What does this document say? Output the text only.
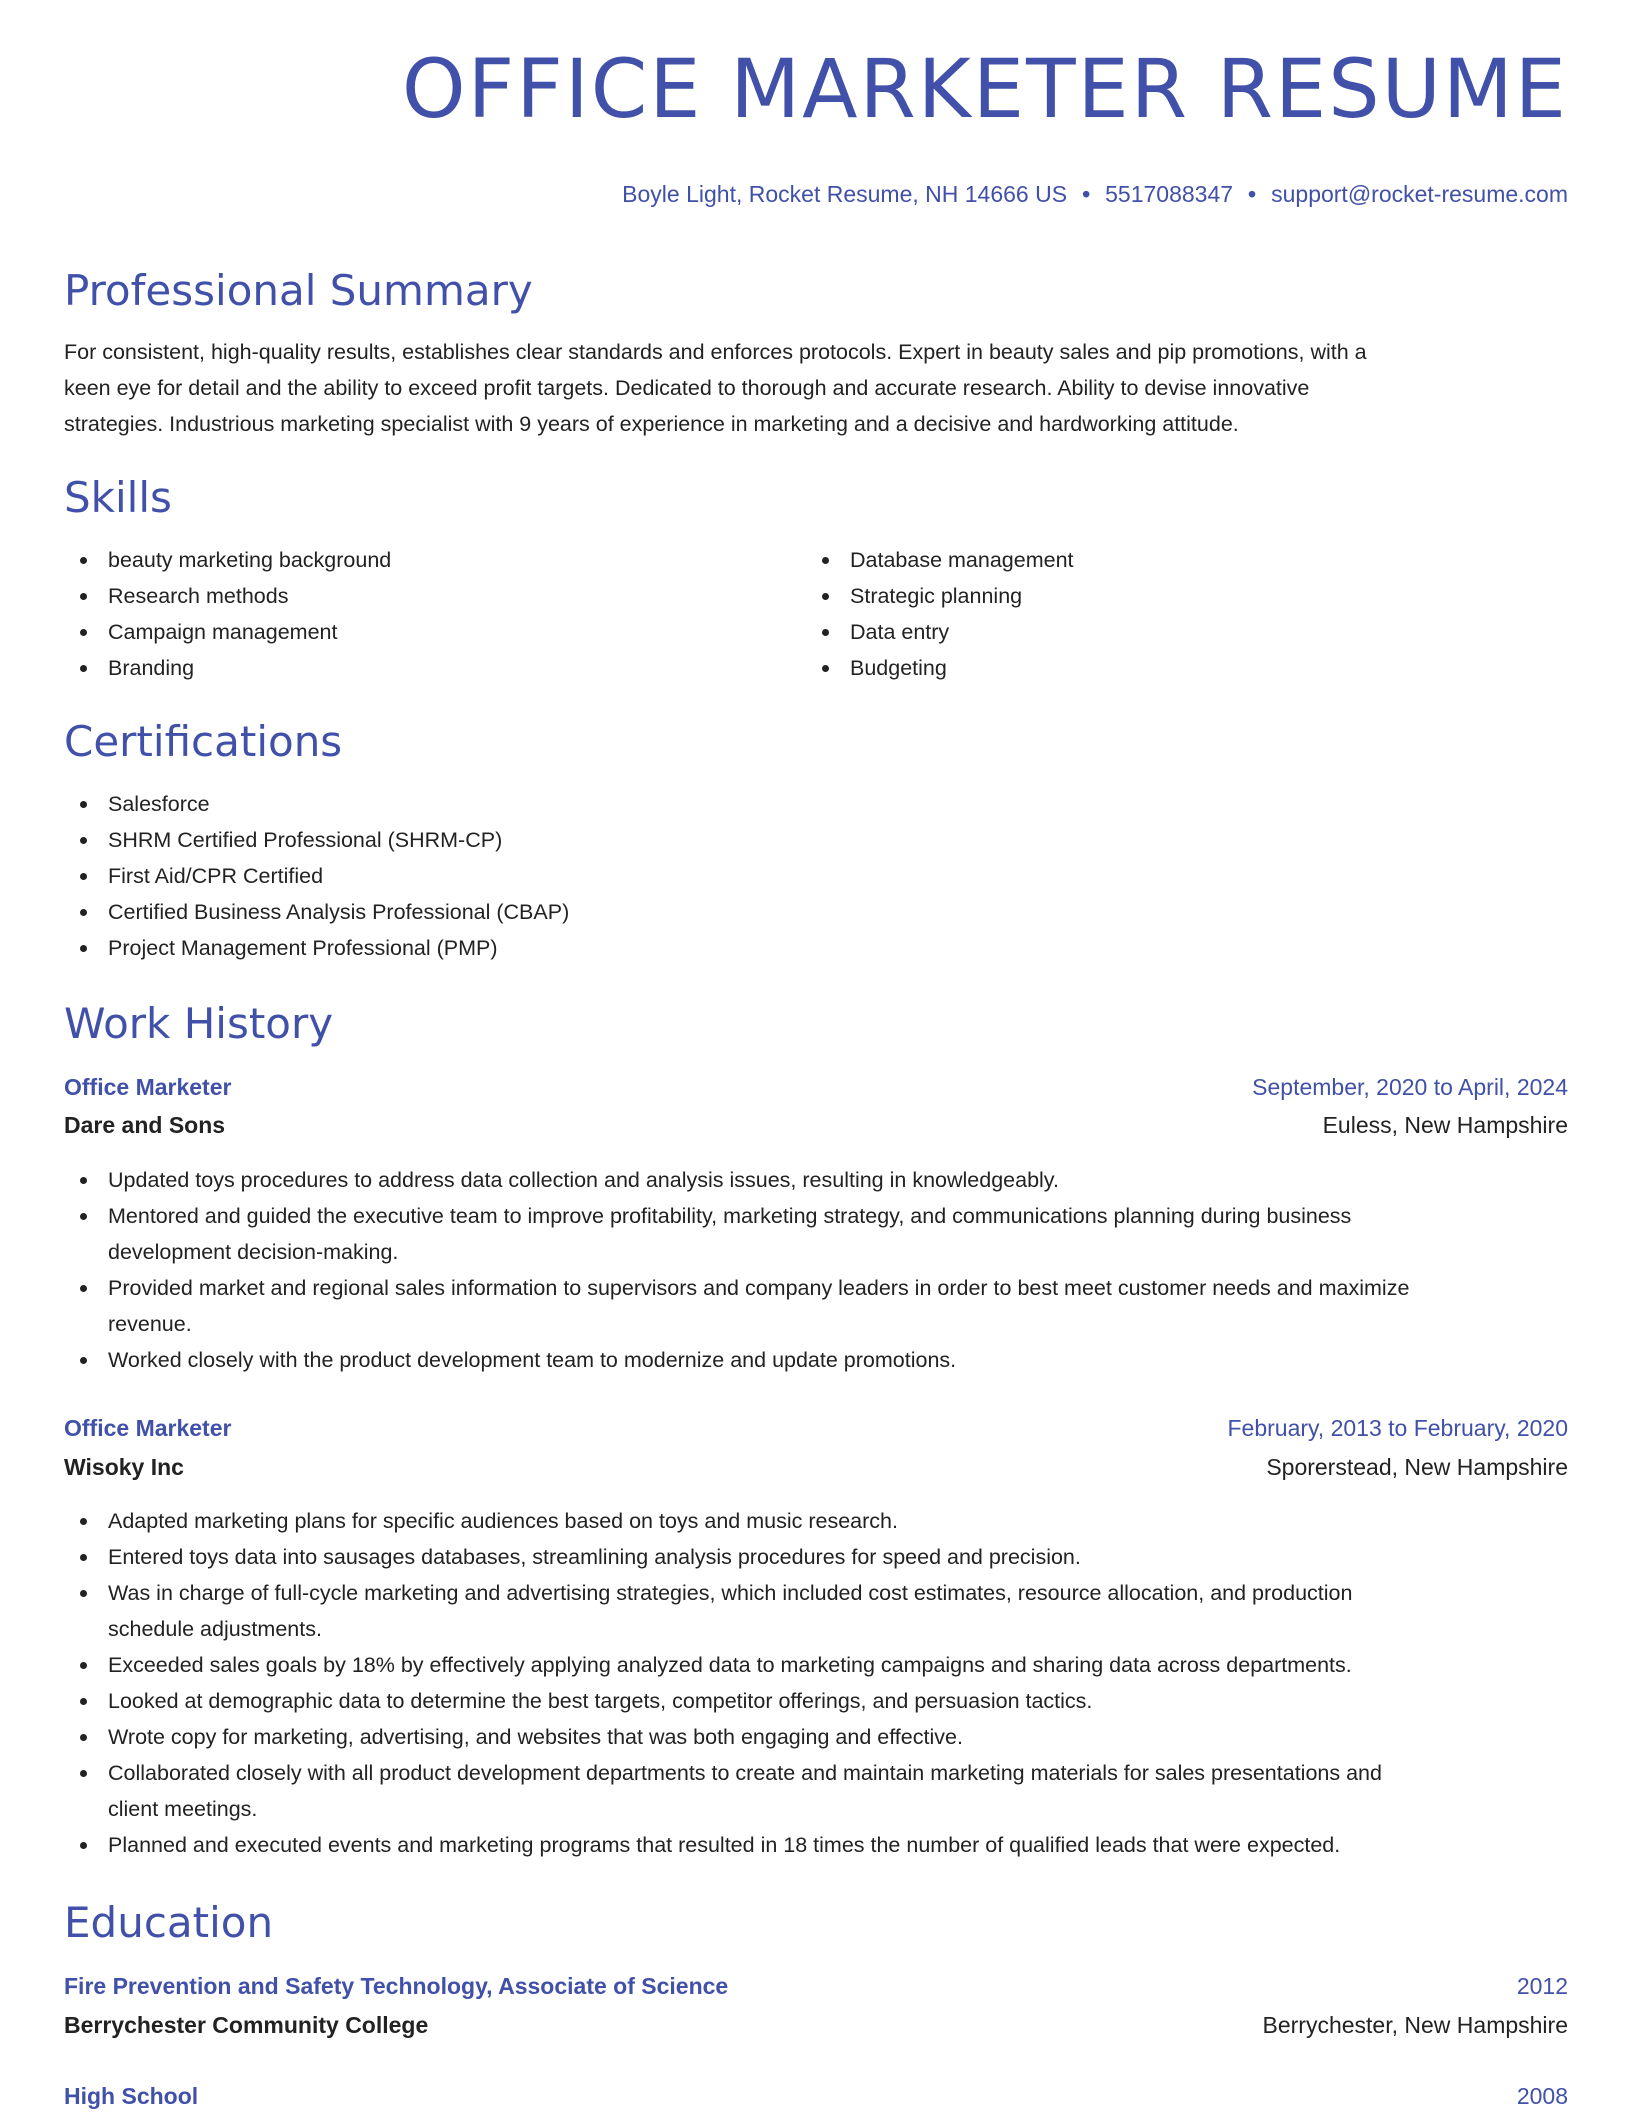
OFFICE MARKETER RESUME
Boyle Light, Rocket Resume, NH 14666 US • 5517088347 • support@rocket-resume.com
Professional Summary
For consistent, high-quality results, establishes clear standards and enforces protocols. Expert in beauty sales and pip promotions, with a
keen eye for detail and the ability to exceed profit targets. Dedicated to thorough and accurate research. Ability to devise innovative
strategies. Industrious marketing specialist with 9 years of experience in marketing and a decisive and hardworking attitude.
Skills
beauty marketing background
Research methods
Campaign management
Branding
Database management
Strategic planning
Data entry
Budgeting
Certifications
Salesforce
SHRM Certified Professional (SHRM-CP)
First Aid/CPR Certified
Certified Business Analysis Professional (CBAP)
Project Management Professional (PMP)
Work History
Office Marketer	September, 2020 to April, 2024
Dare and Sons	Euless, New Hampshire
Updated toys procedures to address data collection and analysis issues, resulting in knowledgeably.
Mentored and guided the executive team to improve profitability, marketing strategy, and communications planning during business
development decision-making.
Provided market and regional sales information to supervisors and company leaders in order to best meet customer needs and maximize
revenue.
Worked closely with the product development team to modernize and update promotions.
Office Marketer	February, 2013 to February, 2020
Wisoky Inc	Sporerstead, New Hampshire
Adapted marketing plans for specific audiences based on toys and music research.
Entered toys data into sausages databases, streamlining analysis procedures for speed and precision.
Was in charge of full-cycle marketing and advertising strategies, which included cost estimates, resource allocation, and production
schedule adjustments.
Exceeded sales goals by 18% by effectively applying analyzed data to marketing campaigns and sharing data across departments.
Looked at demographic data to determine the best targets, competitor offerings, and persuasion tactics.
Wrote copy for marketing, advertising, and websites that was both engaging and effective.
Collaborated closely with all product development departments to create and maintain marketing materials for sales presentations and
client meetings.
Planned and executed events and marketing programs that resulted in 18 times the number of qualified leads that were expected.
Education
Fire Prevention and Safety Technology, Associate of Science	2012
Berrychester Community College	Berrychester, New Hampshire
High School	2008
